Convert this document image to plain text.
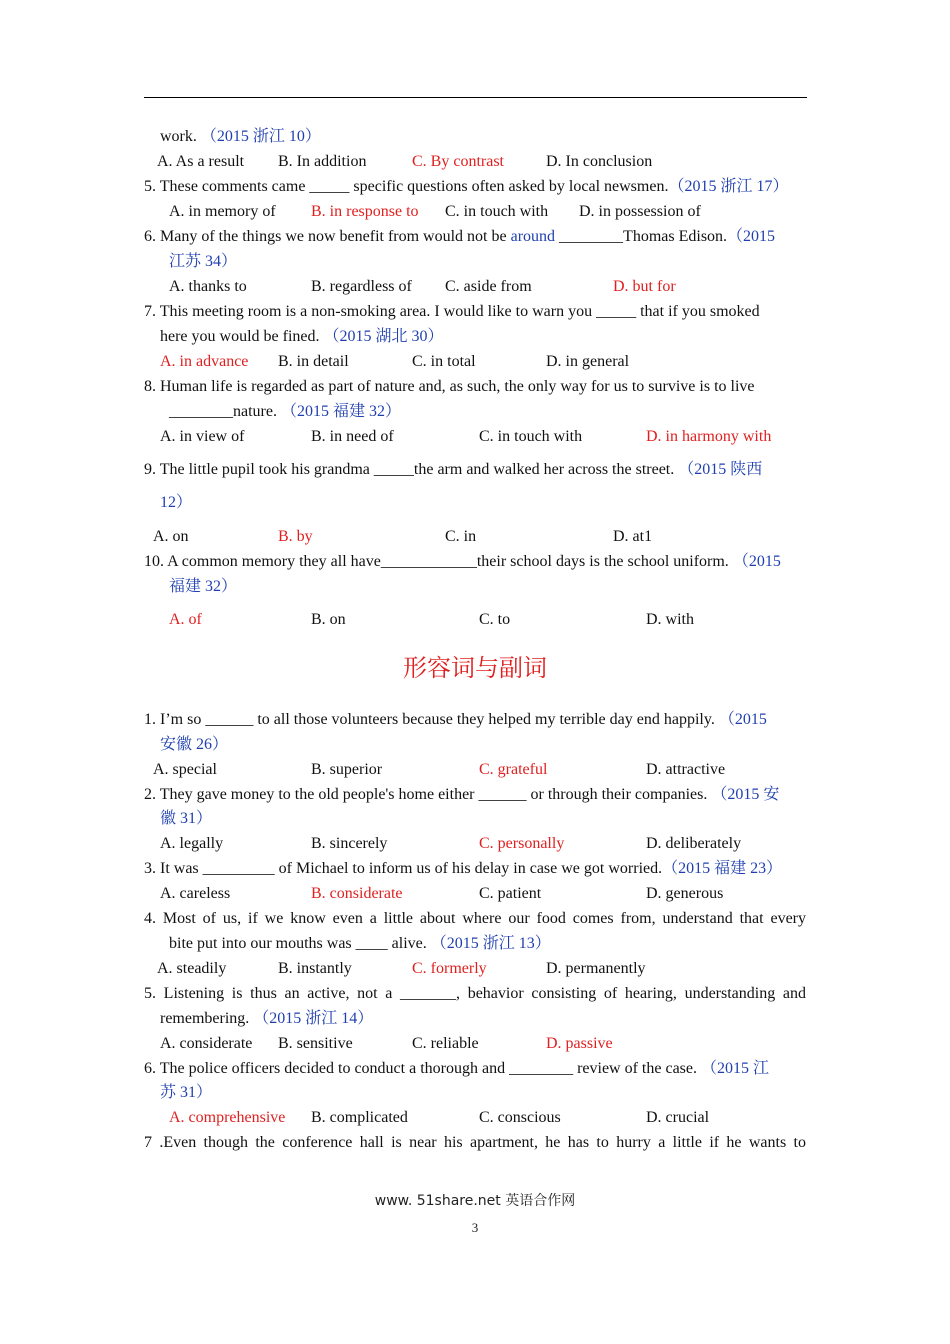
work. （2015 浙江 10）
A. As a result B. In addition	C. By contrast	D. In conclusion
5. These comments came _____ specific questions often asked by local newsmen.（2015 浙江 17）
A. in memory of B. in response to C. in touch with D. in possession of
6. Many of the things we now benefit from would not be around ________Thomas Edison.（2015
江苏 34）
A. thanks to	B. regardless of C. aside from	D. but for
7. This meeting room is a non-smoking area. I would like to warn you _____ that if you smoked
here you would be fined. （2015 湖北 30）
A. in advance B. in detail	C. in total	D. in general
8. Human life is regarded as part of nature and, as such, the only way for us to survive is to live
________nature. （2015 福建 32）
A. in view of	B. in need of	C. in touch with	D. in harmony with
9. The little pupil took his grandma _____the arm and walked her across the street. （2015 陕西
12）
A. on	B. by	C. in	D. at1
10. A common memory they all have____________their school days is the school uniform. （2015
福建 32）
A. of	B. on	C. to	D. with
形容词与副词
1. I’m so ______ to all those volunteers because they helped my terrible day end happily. （2015
安徽 26）
A. special	B. superior	C. grateful	D. attractive
2. They gave money to the old people's home either ______ or through their companies. （2015 安
徽 31）
A. legally	B. sincerely	C. personally	D. deliberately
3. It was _________ of Michael to inform us of his delay in case we got worried.（2015 福建 23）
A. careless	B. considerate	C. patient	D. generous
4. Most of us, if we know even a little about where our food comes from, understand that every
bite put into our mouths was ____ alive. （2015 浙江 13）
A. steadily	B. instantly	C. formerly	D. permanently
5. Listening is thus an active, not a _______, behavior consisting of hearing, understanding and
remembering. （2015 浙江 14）
A. considerate B. sensitive	C. reliable	D. passive
6. The police officers decided to conduct a thorough and ________ review of the case. （2015 江
苏 31）
A. comprehensive B. complicated	C. conscious	D. crucial
7 .Even though the conference hall is near his apartment, he has to hurry a little if he wants to
www. 51share.net 英语合作网
3
